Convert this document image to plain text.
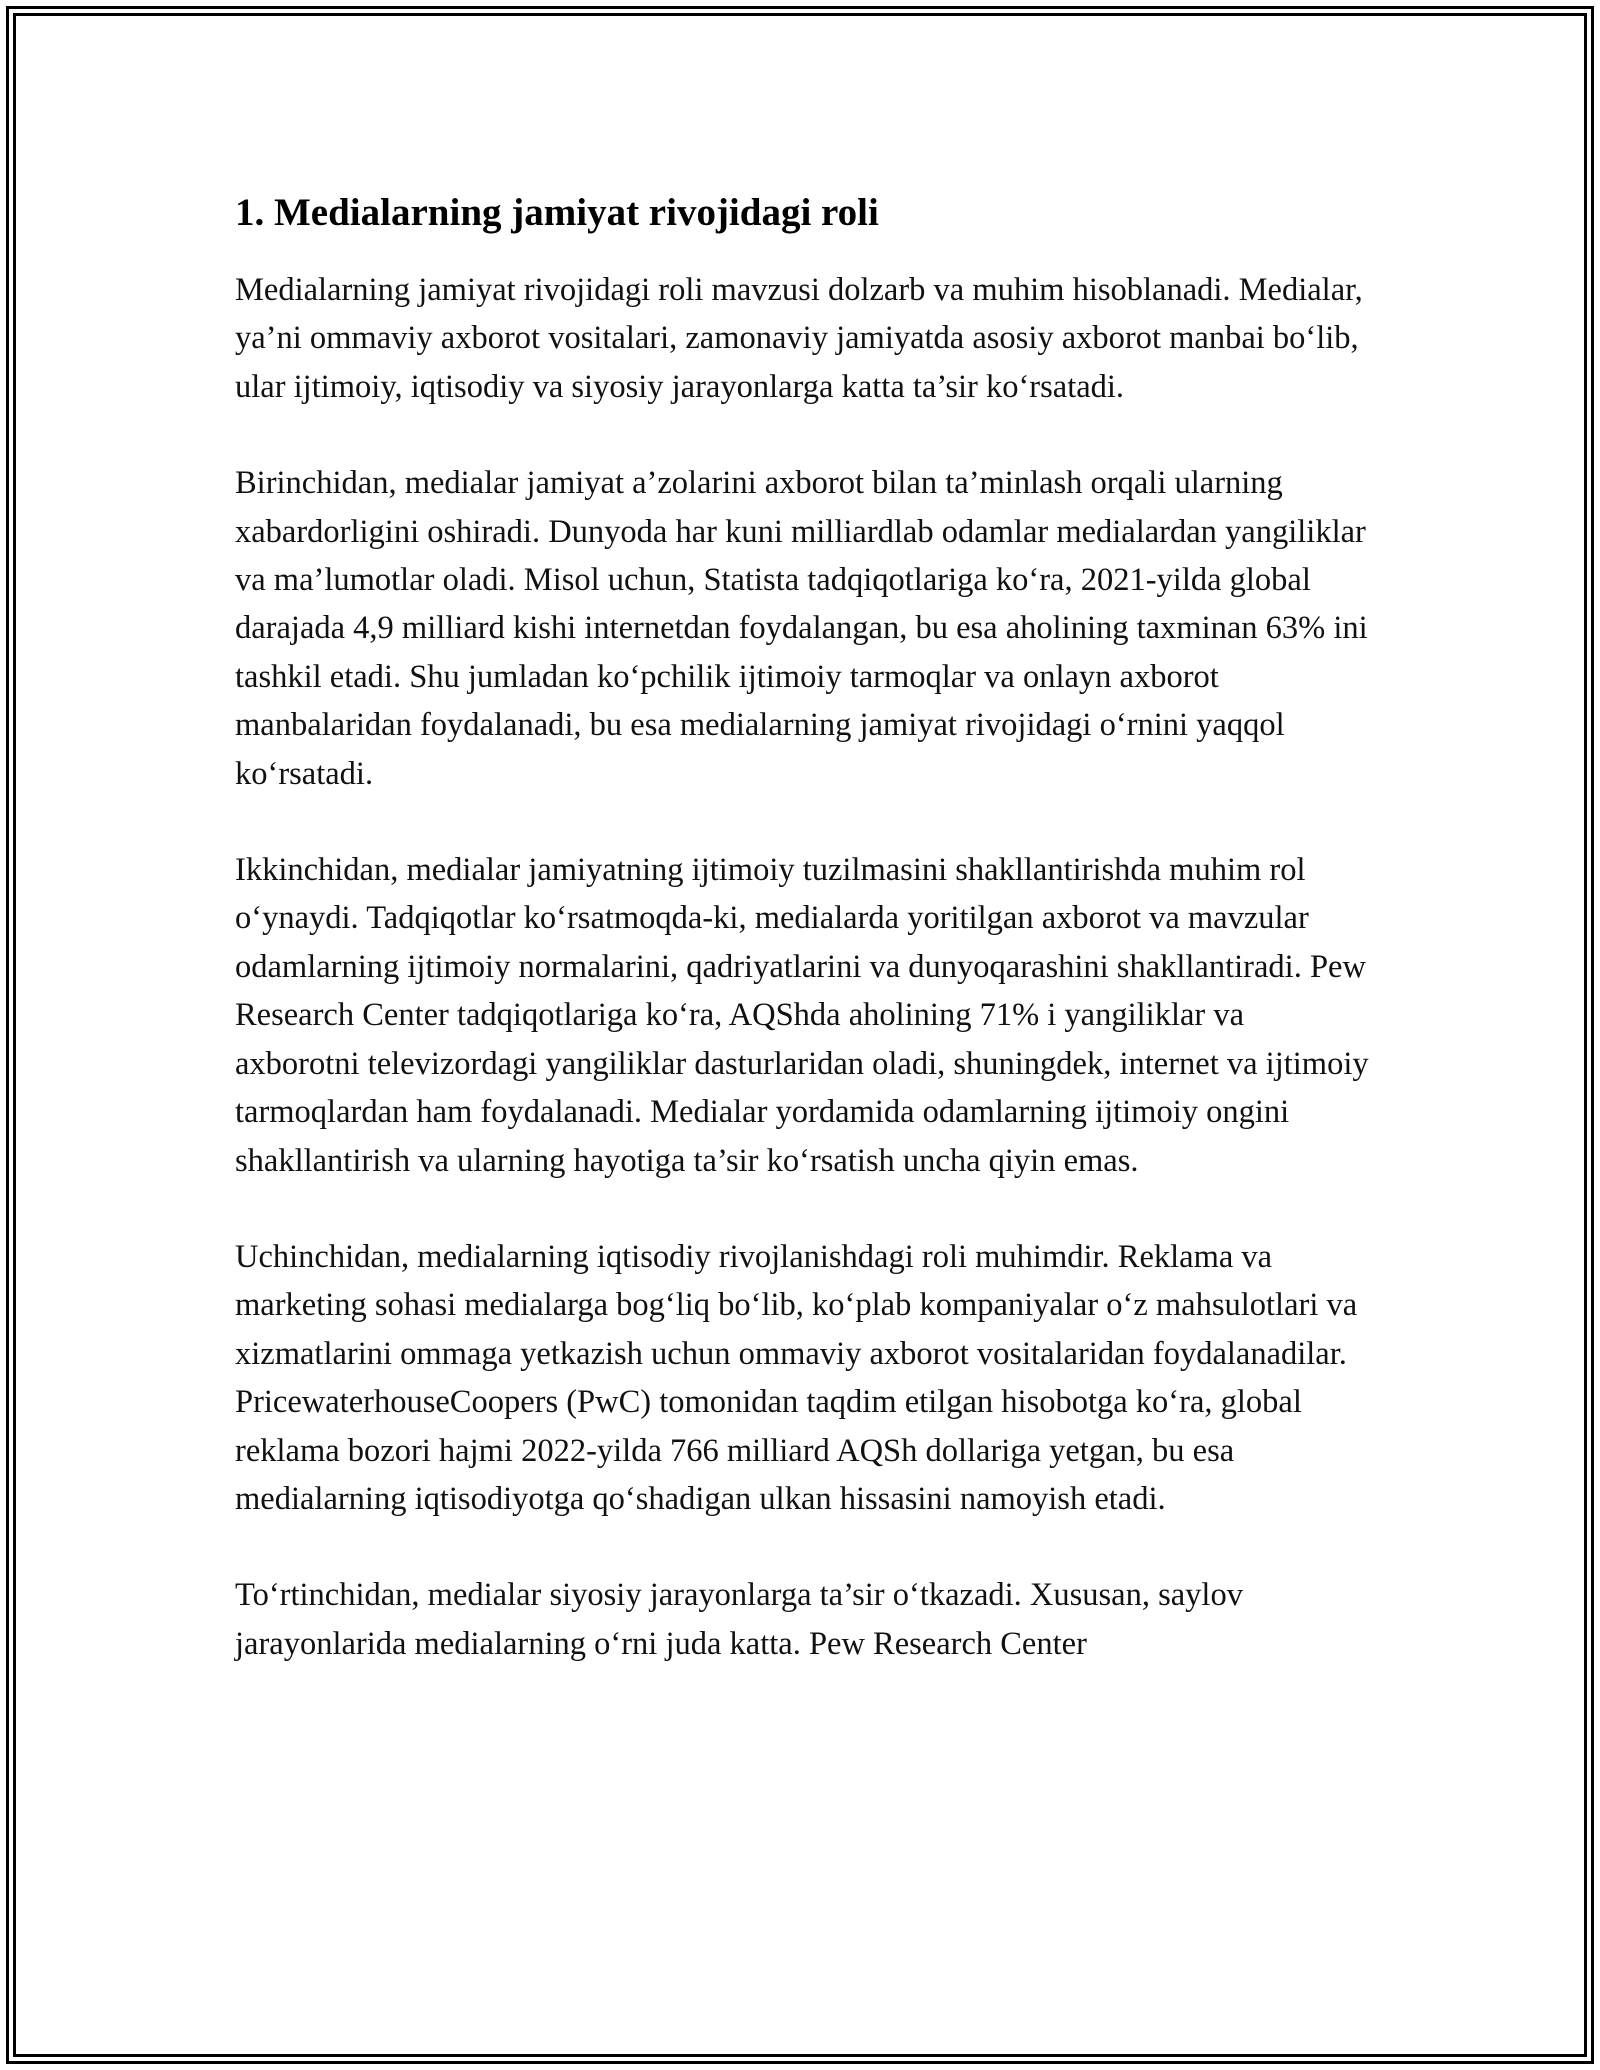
1. Medialarning jamiyat rivojidagi roli

Medialarning jamiyat rivojidagi roli mavzusi dolzarb va muhim hisoblanadi. Medialar, ya’ni ommaviy axborot vositalari, zamonaviy jamiyatda asosiy axborot manbai bo‘lib, ular ijtimoiy, iqtisodiy va siyosiy jarayonlarga katta ta’sir ko‘rsatadi.

Birinchidan, medialar jamiyat a’zolarini axborot bilan ta’minlash orqali ularning xabardorligini oshiradi. Dunyoda har kuni milliardlab odamlar medialardan yangiliklar va ma’lumotlar oladi. Misol uchun, Statista tadqiqotlariga ko‘ra, 2021-yilda global darajada 4,9 milliard kishi internetdan foydalangan, bu esa aholining taxminan 63% ini tashkil etadi. Shu jumladan ko‘pchilik ijtimoiy tarmoqlar va onlayn axborot manbalaridan foydalanadi, bu esa medialarning jamiyat rivojidagi o‘rnini yaqqol ko‘rsatadi.

Ikkinchidan, medialar jamiyatning ijtimoiy tuzilmasini shakllantirishda muhim rol o‘ynaydi. Tadqiqotlar ko‘rsatmoqda-ki, medialarda yoritilgan axborot va mavzular odamlarning ijtimoiy normalarini, qadriyatlarini va dunyoqarashini shakllantiradi. Pew Research Center tadqiqotlariga ko‘ra, AQShda aholining 71% i yangiliklar va axborotni televizordagi yangiliklar dasturlaridan oladi, shuningdek, internet va ijtimoiy tarmoqlardan ham foydalanadi. Medialar yordamida odamlarning ijtimoiy ongini shakllantirish va ularning hayotiga ta’sir ko‘rsatish uncha qiyin emas.

Uchinchidan, medialarning iqtisodiy rivojlanishdagi roli muhimdir. Reklama va marketing sohasi medialarga bog‘liq bo‘lib, ko‘plab kompaniyalar o‘z mahsulotlari va xizmatlarini ommaga yetkazish uchun ommaviy axborot vositalaridan foydalanadilar. PricewaterhouseCoopers (PwC) tomonidan taqdim etilgan hisobotga ko‘ra, global reklama bozori hajmi 2022-yilda 766 milliard AQSh dollariga yetgan, bu esa medialarning iqtisodiyotga qo‘shadigan ulkan hissasini namoyish etadi.

To‘rtinchidan, medialar siyosiy jarayonlarga ta’sir o‘tkazadi. Xususan, saylov jarayonlarida medialarning o‘rni juda katta. Pew Research Center
